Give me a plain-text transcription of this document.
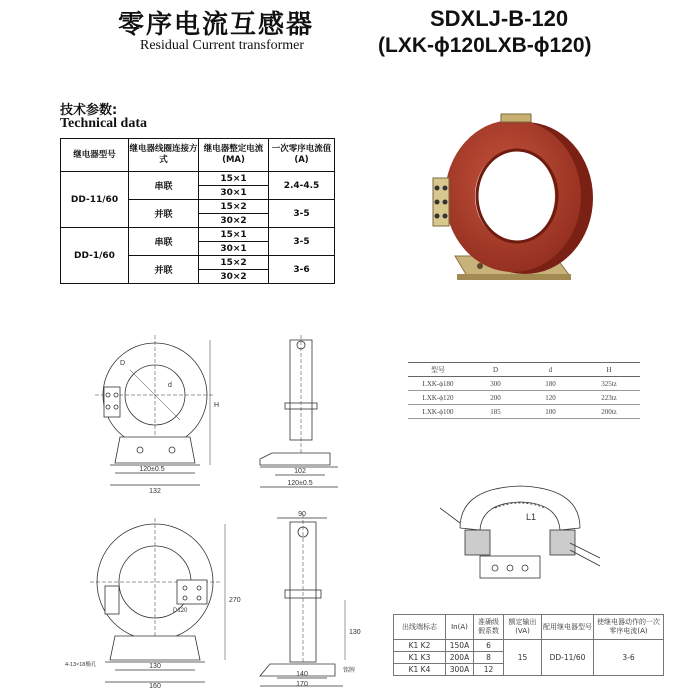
零序电流互感器
Residual Current transformer
SDXLJ-B-120
(LXK-ϕ120LXB-ϕ120)
技术参数:
Technical data
继电器型号	继电器线圈连接方式	继电器整定电流(MA)	一次零序电流值(A)
DD-11/60	串联	15×1	2.4-4.5
		30×1	
	并联	15×2	3-5
		30×2	
DD-1/60	串联	15×1	3-5
		30×1	
	并联	15×2	3-6
		30×2	
120±0.5
132
D
d
H
102
120±0.5
型号	D	d	H
LXK-ϕ180	300	180	325tz
LXK-ϕ120	200	120	223tz
LXK-ϕ100	185	100	200tz
L1
130
160
270
4-13×18椭孔
D120
90
140
170
130
铭牌
出线端标志	In(A)	准确级假系数	额定输出(VA)	配用继电器型号	使继电器动作的一次零序电流(A)
K1 K2	150A	6	15	DD-11/60	3-6
K1 K3	200A	8			
K1 K4	300A	12			
